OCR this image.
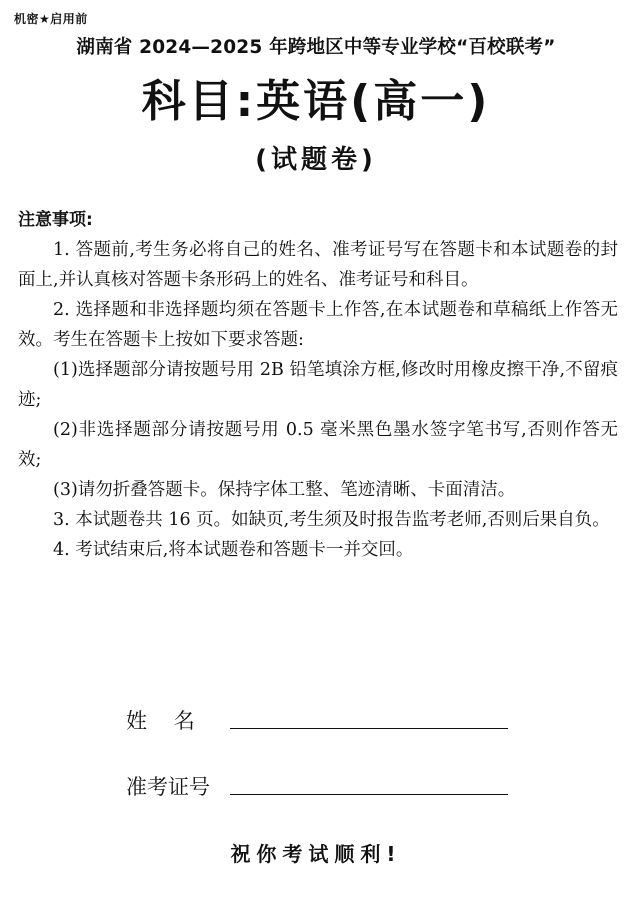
机密★启用前
湖南省 2024—2025 年跨地区中等专业学校“百校联考”
科目:英语(高一)
(试题卷)
注意事项:

1. 答题前,考生务必将自己的姓名、准考证号写在答题卡和本试题卷的封面上,并认真核对答题卡条形码上的姓名、准考证号和科目。

2. 选择题和非选择题均须在答题卡上作答,在本试题卷和草稿纸上作答无效。考生在答题卡上按如下要求答题:

(1)选择题部分请按题号用 2B 铅笔填涂方框,修改时用橡皮擦干净,不留痕迹;

(2)非选择题部分请按题号用 0.5 毫米黑色墨水签字笔书写,否则作答无效;

(3)请勿折叠答题卡。保持字体工整、笔迹清晰、卡面清洁。

3. 本试题卷共 16 页。如缺页,考生须及时报告监考老师,否则后果自负。

4. 考试结束后,将本试题卷和答题卡一并交回。

姓    名
准考证号
祝你考试顺利!
